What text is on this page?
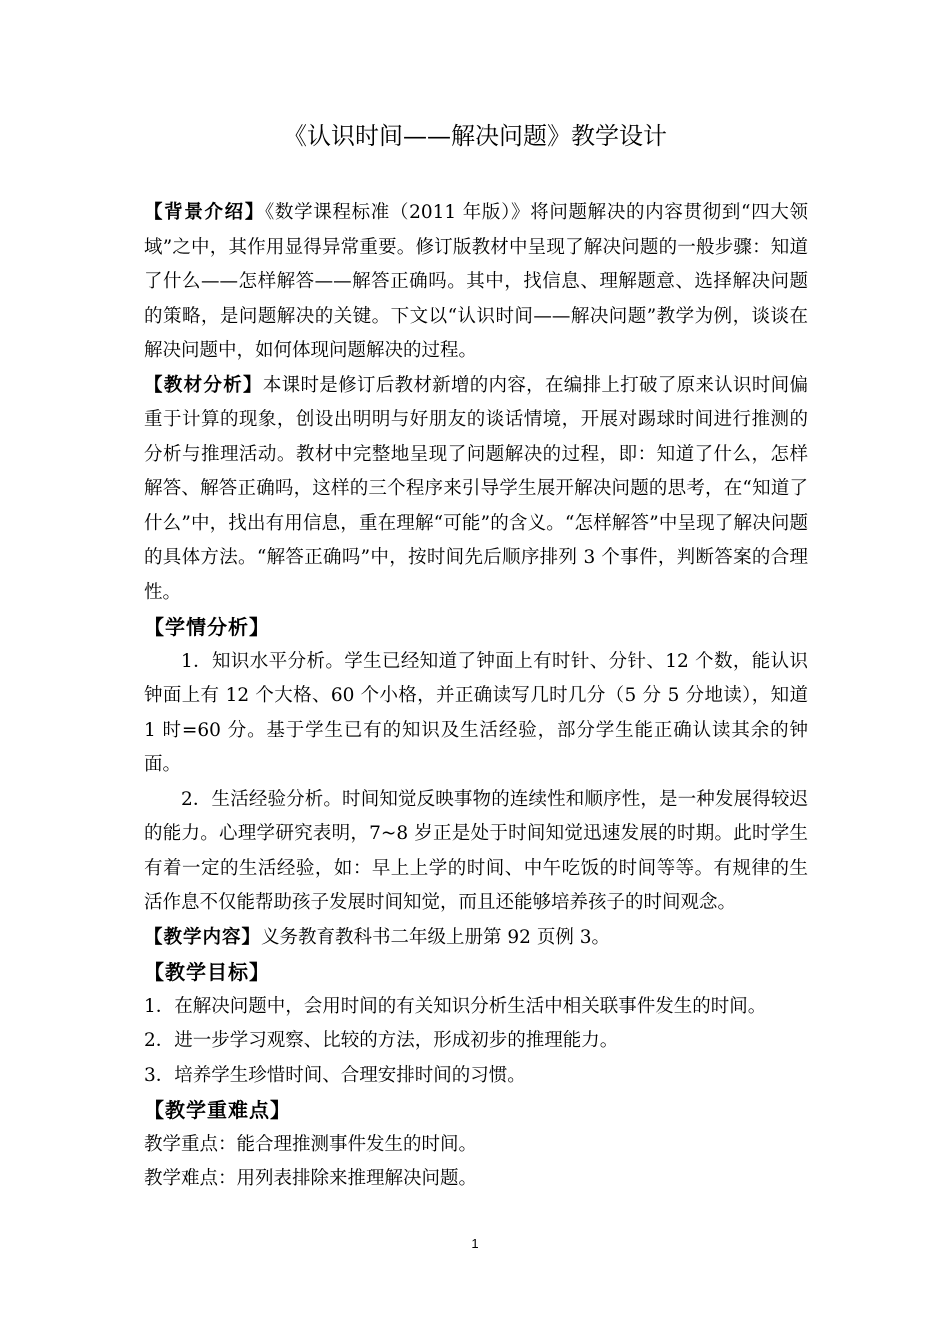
《认识时间——解决问题》教学设计

【背景介绍】《数学课程标准（2011 年版）》将问题解决的内容贯彻到“四大领域”之中，其作用显得异常重要。修订版教材中呈现了解决问题的一般步骤：知道了什么——怎样解答——解答正确吗。其中，找信息、理解题意、选择解决问题的策略，是问题解决的关键。下文以“认识时间——解决问题”教学为例，谈谈在解决问题中，如何体现问题解决的过程。

【教材分析】本课时是修订后教材新增的内容，在编排上打破了原来认识时间偏重于计算的现象，创设出明明与好朋友的谈话情境，开展对踢球时间进行推测的分析与推理活动。教材中完整地呈现了问题解决的过程，即：知道了什么，怎样解答、解答正确吗，这样的三个程序来引导学生展开解决问题的思考，在“知道了什么”中，找出有用信息，重在理解“可能”的含义。“怎样解答”中呈现了解决问题的具体方法。“解答正确吗”中，按时间先后顺序排列 3 个事件，判断答案的合理性。

【学情分析】

1．知识水平分析。学生已经知道了钟面上有时针、分针、12 个数，能认识钟面上有 12 个大格、60 个小格，并正确读写几时几分（5 分 5 分地读），知道 1 时=60 分。基于学生已有的知识及生活经验，部分学生能正确认读其余的钟面。

2．生活经验分析。时间知觉反映事物的连续性和顺序性，是一种发展得较迟的能力。心理学研究表明，7~8 岁正是处于时间知觉迅速发展的时期。此时学生有着一定的生活经验，如：早上上学的时间、中午吃饭的时间等等。有规律的生活作息不仅能帮助孩子发展时间知觉，而且还能够培养孩子的时间观念。

【教学内容】义务教育教科书二年级上册第 92 页例 3。

【教学目标】

1．在解决问题中，会用时间的有关知识分析生活中相关联事件发生的时间。

2．进一步学习观察、比较的方法，形成初步的推理能力。

3．培养学生珍惜时间、合理安排时间的习惯。

【教学重难点】

教学重点：能合理推测事件发生的时间。

教学难点：用列表排除来推理解决问题。

1
